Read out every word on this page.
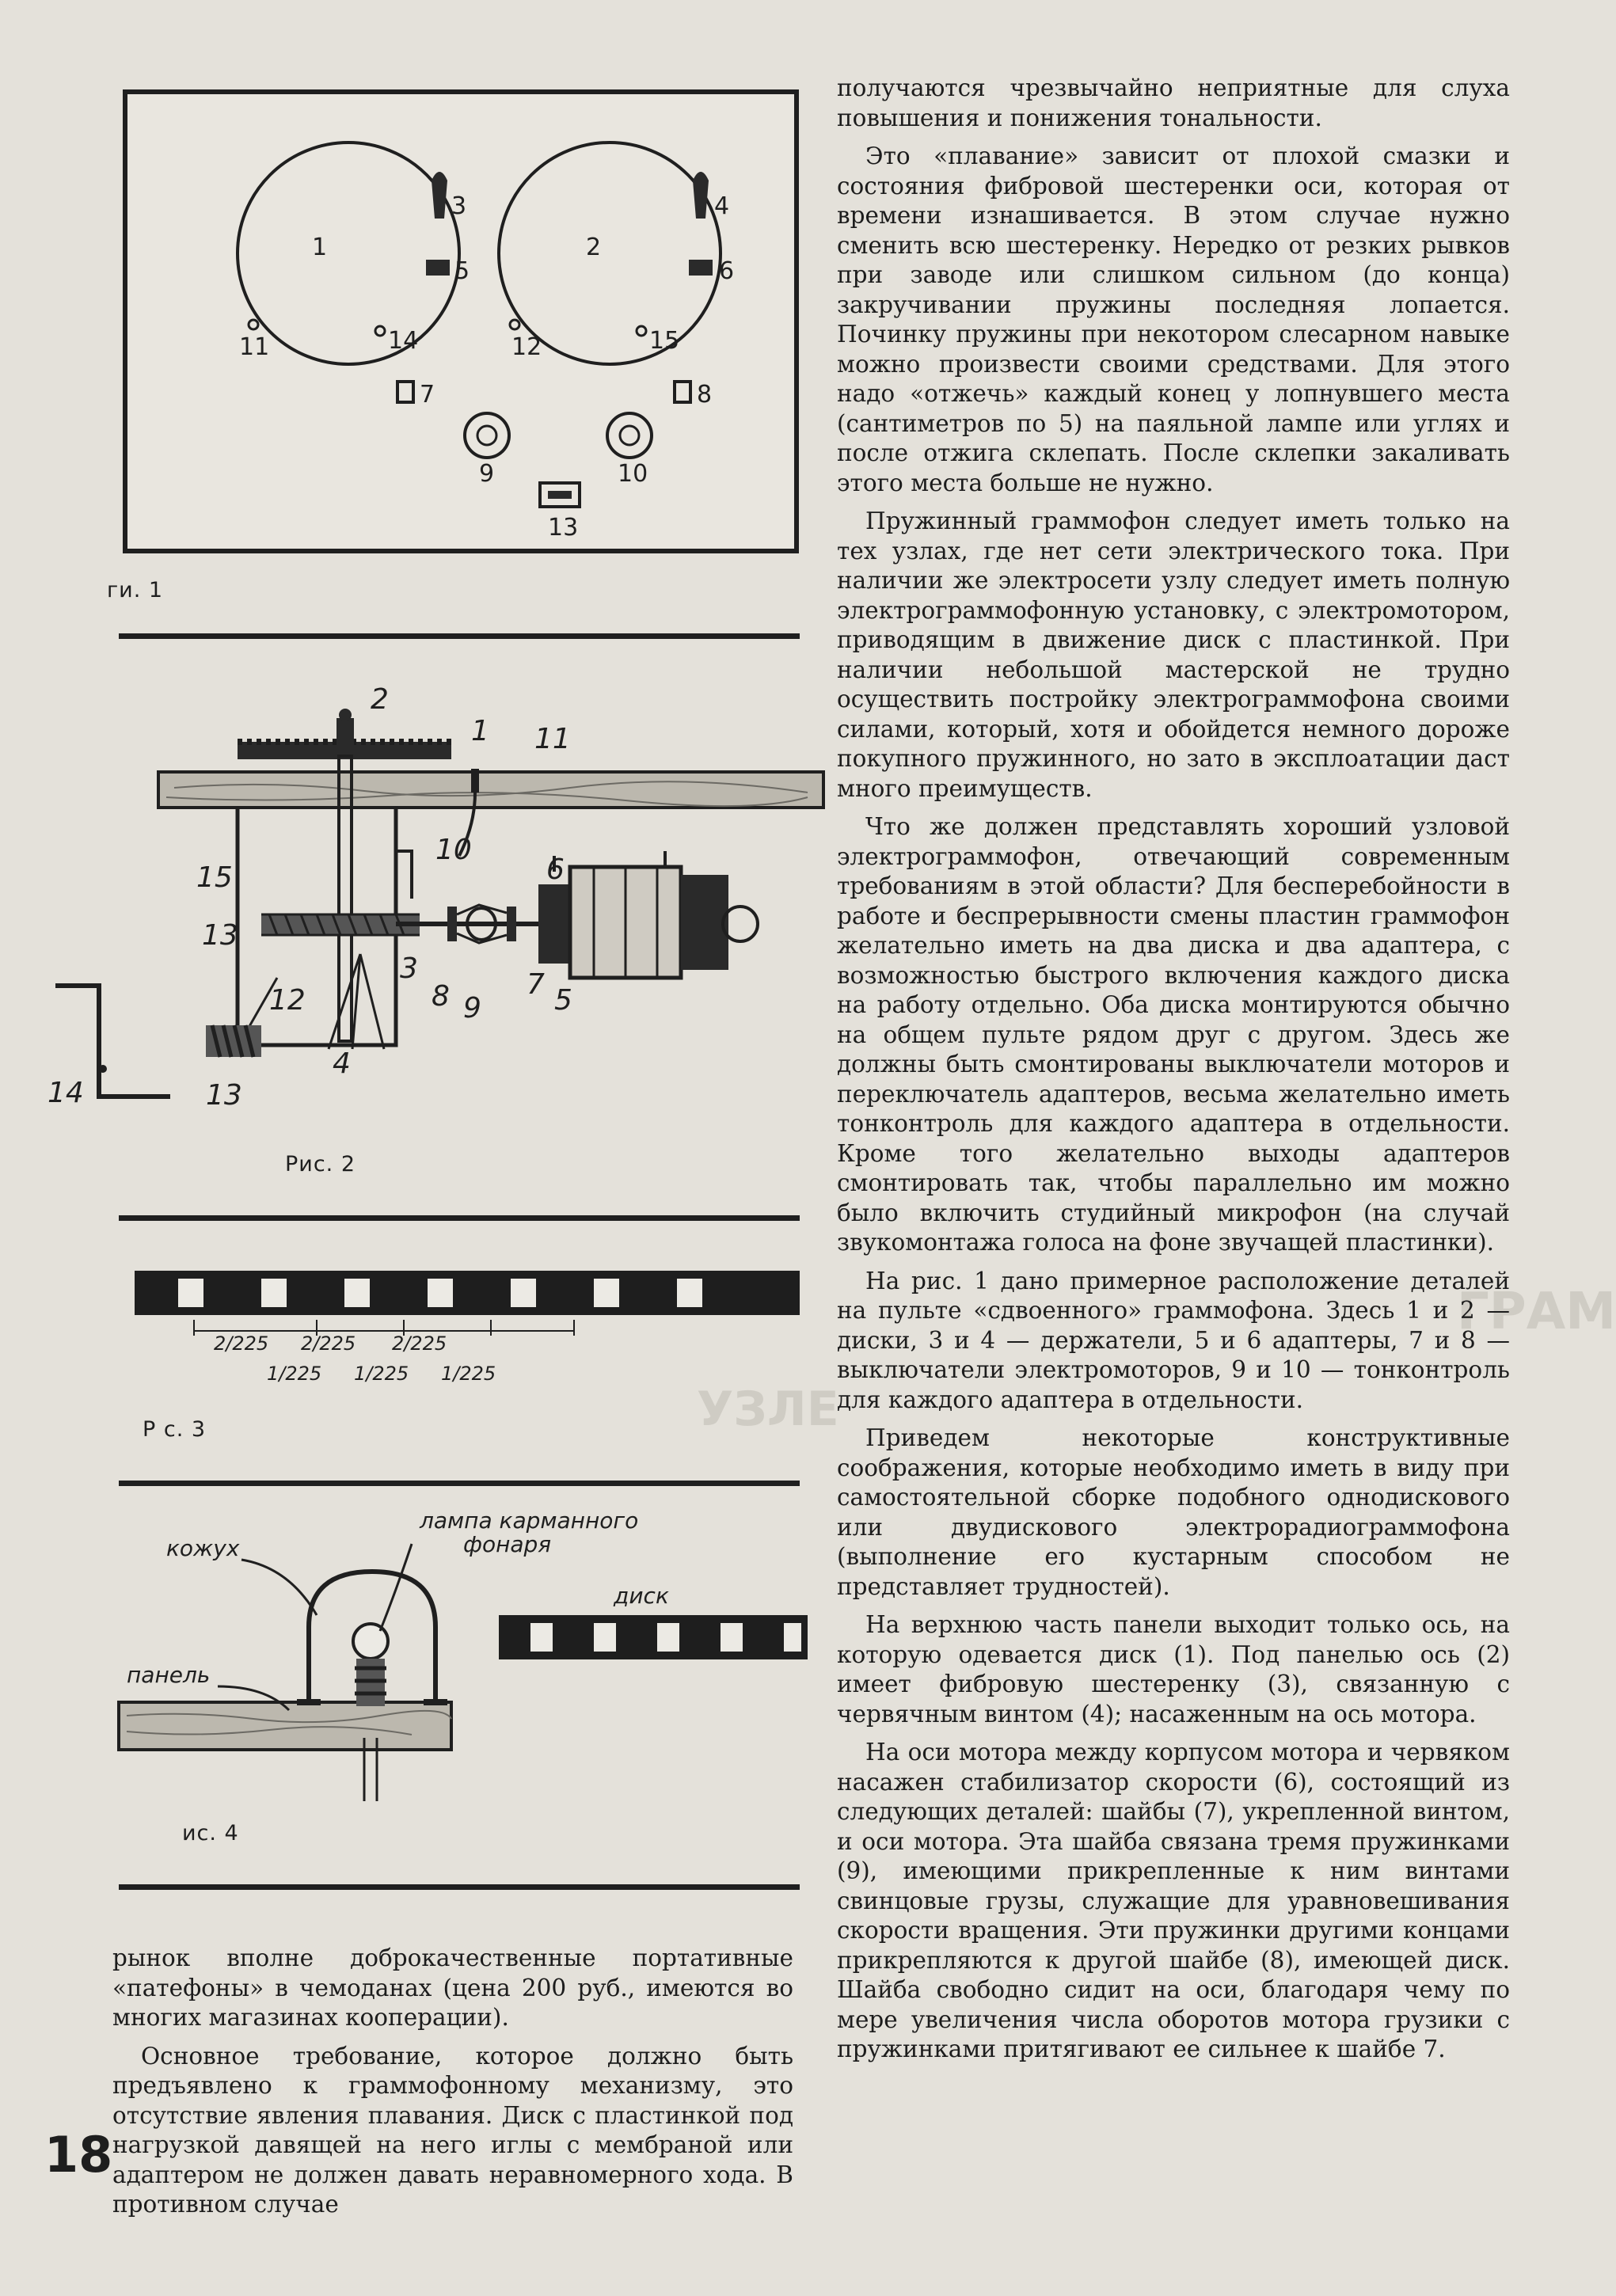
ГРАМ
УЗЛЕ
1	2
3	4
5	6
7	8
9	10
11	12
13
14	15
ги. 1
1
2
3
4
5
6
7
8 9
10
11
12
13
14
15
13
Рис. 2
2/225 2/225 2/225
1/225 1/225 1/225
Р с. 3
кожух
лампа карманного
фонаря
диск
панель
ис. 4

рынок вполне доброкачественные портативные «патефоны» в чемоданах (цена 200 руб., имеются во многих магазинах кооперации).

Основное требование, которое должно быть предъявлено к граммофонному механизму, это отсутствие явления плавания. Диск с пластинкой под нагрузкой давящей на него иглы с мембраной или адаптером не должен давать неравномерного хода. В противном случае

получаются чрезвычайно неприятные для слуха повышения и понижения тональности.

Это «плавание» зависит от плохой смазки и состояния фибровой шестеренки оси, которая от времени изнашивается. В этом случае нужно сменить всю шестеренку. Нередко от резких рывков при заводе или слишком сильном (до конца) закручивании пружины последняя лопается. Починку пружины при некотором слесарном навыке можно произвести своими средствами. Для этого надо «отжечь» каждый конец у лопнувшего места (сантиметров по 5) на паяльной лампе или углях и после отжига склепать. После склепки закаливать этого места больше не нужно.

Пружинный граммофон следует иметь только на тех узлах, где нет сети электрического тока. При наличии же электросети узлу следует иметь полную электрограммофонную установку, с электромотором, приводящим в движение диск с пластинкой. При наличии небольшой мастерской не трудно осуществить постройку электрограммофона своими силами, который, хотя и обойдется немного дороже покупного пружинного, но зато в эксплоатации даст много преимуществ.

Что же должен представлять хороший узловой электрограммофон, отвечающий современным требованиям в этой области? Для бесперебойности в работе и беспрерывности смены пластин граммофон желательно иметь на два диска и два адаптера, с возможностью быстрого включения каждого диска на работу отдельно. Оба диска монтируются обычно на общем пульте рядом друг с другом. Здесь же должны быть смонтированы выключатели моторов и переключатель адаптеров, весьма желательно иметь тонконтроль для каждого адаптера в отдельности. Кроме того желательно выходы адаптеров смонтировать так, чтобы параллельно им можно было включить студийный микрофон (на случай звукомонтажа голоса на фоне звучащей пластинки).

На рис. 1 дано примерное расположение деталей на пульте «сдвоенного» граммофона. Здесь 1 и 2 — диски, 3 и 4 — держатели, 5 и 6 адаптеры, 7 и 8 — выключатели электромоторов, 9 и 10 — тонконтроль для каждого адаптера в отдельности.

Приведем некоторые конструктивные соображения, которые необходимо иметь в виду при самостоятельной сборке подобного однодискового или двудискового электрорадиограммофона (выполнение его кустарным способом не представляет трудностей).

На верхнюю часть панели выходит только ось, на которую одевается диск (1). Под панелью ось (2) имеет фибровую шестеренку (3), связанную с червячным винтом (4); насаженным на ось мотора.

На оси мотора между корпусом мотора и червяком насажен стабилизатор скорости (6), состоящий из следующих деталей: шайбы (7), укрепленной винтом, и оси мотора. Эта шайба связана тремя пружинками (9), имеющими прикрепленные к ним винтами свинцовые грузы, служащие для уравновешивания скорости вращения. Эти пружинки другими концами прикрепляются к другой шайбе (8), имеющей диск. Шайба свободно сидит на оси, благодаря чему по мере увеличения числа оборотов мотора грузики с пружинками притягивают ее сильнее к шайбе 7.

18
